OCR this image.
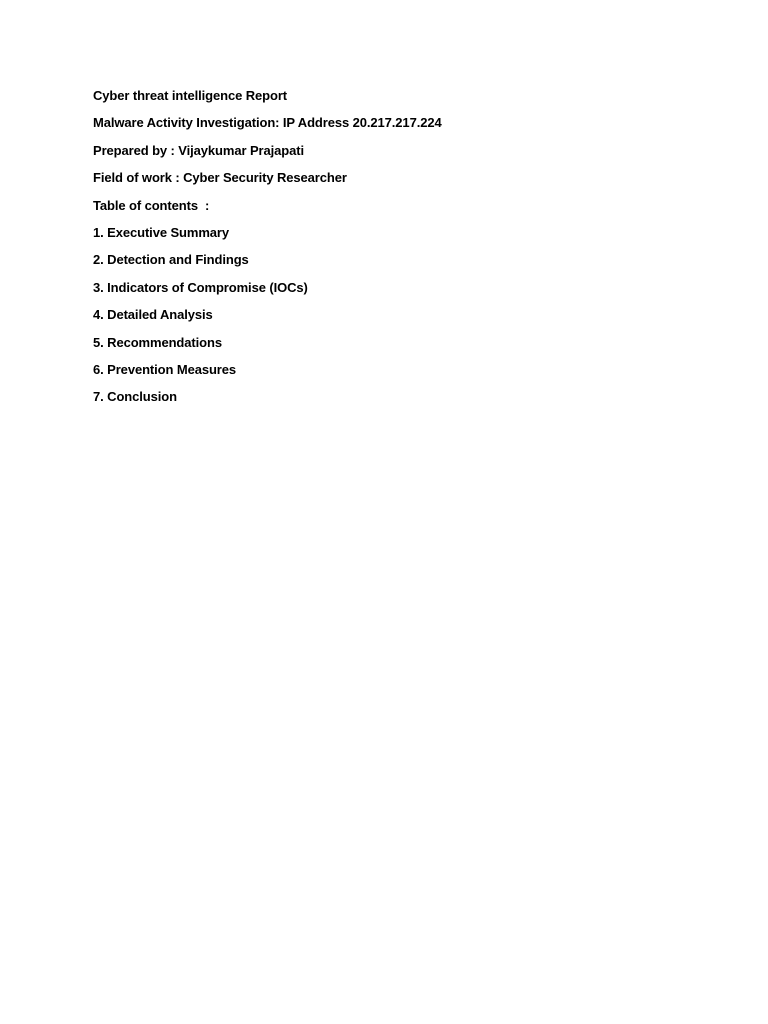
Cyber threat intelligence Report
Malware Activity Investigation: IP Address 20.217.217.224
Prepared by : Vijaykumar Prajapati
Field of work : Cyber Security Researcher
Table of contents  :
1. Executive Summary
2. Detection and Findings
3. Indicators of Compromise (IOCs)
4. Detailed Analysis
5. Recommendations
6. Prevention Measures
7. Conclusion
